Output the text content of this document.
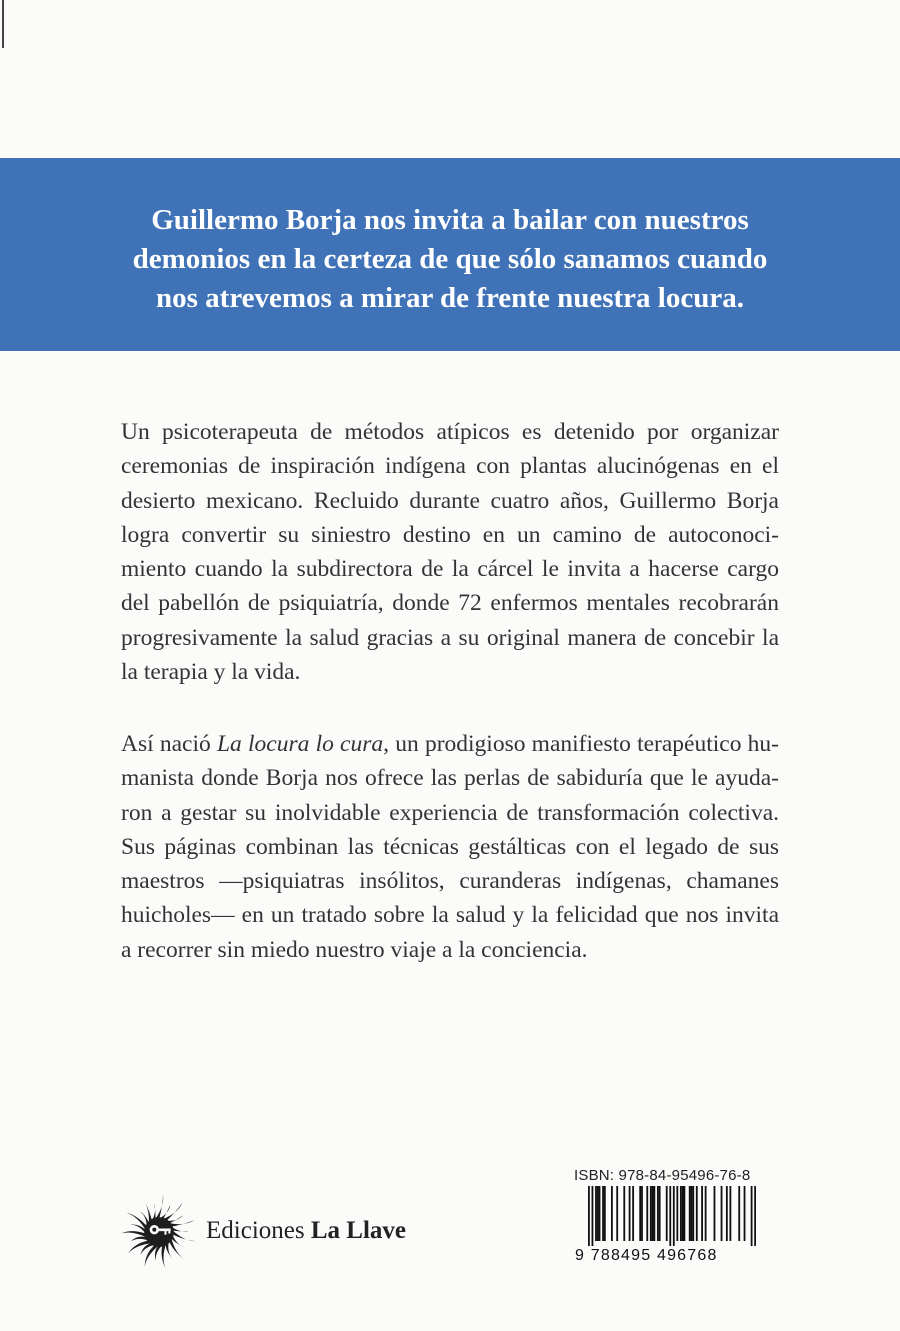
Guillermo Borja nos invita a bailar con nuestros
demonios en la certeza de que sólo sanamos cuando
nos atrevemos a mirar de frente nuestra locura.
Un psicoterapeuta de métodos atípicos es detenido por organizar
ceremonias de inspiración indígena con plantas alucinógenas en el
desierto mexicano. Recluido durante cuatro años, Guillermo Borja
logra convertir su siniestro destino en un camino de autoconoci-
miento cuando la subdirectora de la cárcel le invita a hacerse cargo
del pabellón de psiquiatría, donde 72 enfermos mentales recobrarán
progresivamente la salud gracias a su original manera de concebir la
la terapia y la vida.
Así nació La locura lo cura, un prodigioso manifiesto terapéutico hu-
manista donde Borja nos ofrece las perlas de sabiduría que le ayuda-
ron a gestar su inolvidable experiencia de transformación colectiva.
Sus páginas combinan las técnicas gestálticas con el legado de sus
maestros —psiquiatras insólitos, curanderas indígenas, chamanes
huicholes— en un tratado sobre la salud y la felicidad que nos invita
a recorrer sin miedo nuestro viaje a la conciencia.
Ediciones La Llave
ISBN: 978-84-95496-76-8
9 788495 496768
